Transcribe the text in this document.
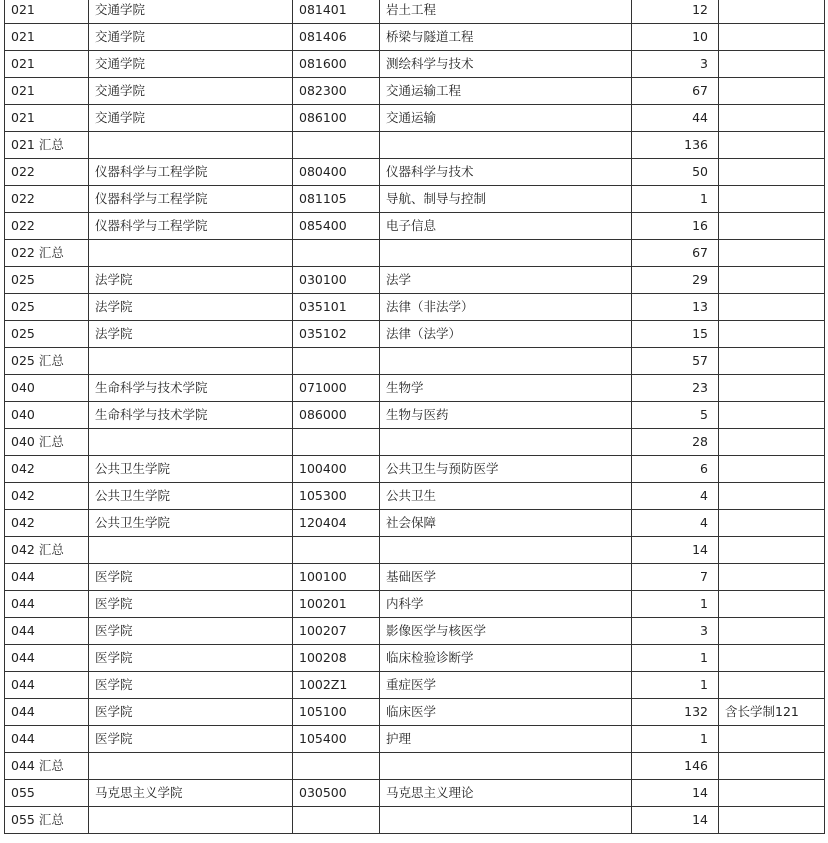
021	交通学院	081401	岩土工程	12	
021	交通学院	081406	桥梁与隧道工程	10	
021	交通学院	081600	测绘科学与技术	3	
021	交通学院	082300	交通运输工程	67	
021	交通学院	086100	交通运输	44	
021 汇总				136	
022	仪器科学与工程学院	080400	仪器科学与技术	50	
022	仪器科学与工程学院	081105	导航、制导与控制	1	
022	仪器科学与工程学院	085400	电子信息	16	
022 汇总				67	
025	法学院	030100	法学	29	
025	法学院	035101	法律（非法学）	13	
025	法学院	035102	法律（法学）	15	
025 汇总				57	
040	生命科学与技术学院	071000	生物学	23	
040	生命科学与技术学院	086000	生物与医药	5	
040 汇总				28	
042	公共卫生学院	100400	公共卫生与预防医学	6	
042	公共卫生学院	105300	公共卫生	4	
042	公共卫生学院	120404	社会保障	4	
042 汇总				14	
044	医学院	100100	基础医学	7	
044	医学院	100201	内科学	1	
044	医学院	100207	影像医学与核医学	3	
044	医学院	100208	临床检验诊断学	1	
044	医学院	1002Z1	重症医学	1	
044	医学院	105100	临床医学	132	含长学制121
044	医学院	105400	护理	1	
044 汇总				146	
055	马克思主义学院	030500	马克思主义理论	14	
055 汇总				14	
